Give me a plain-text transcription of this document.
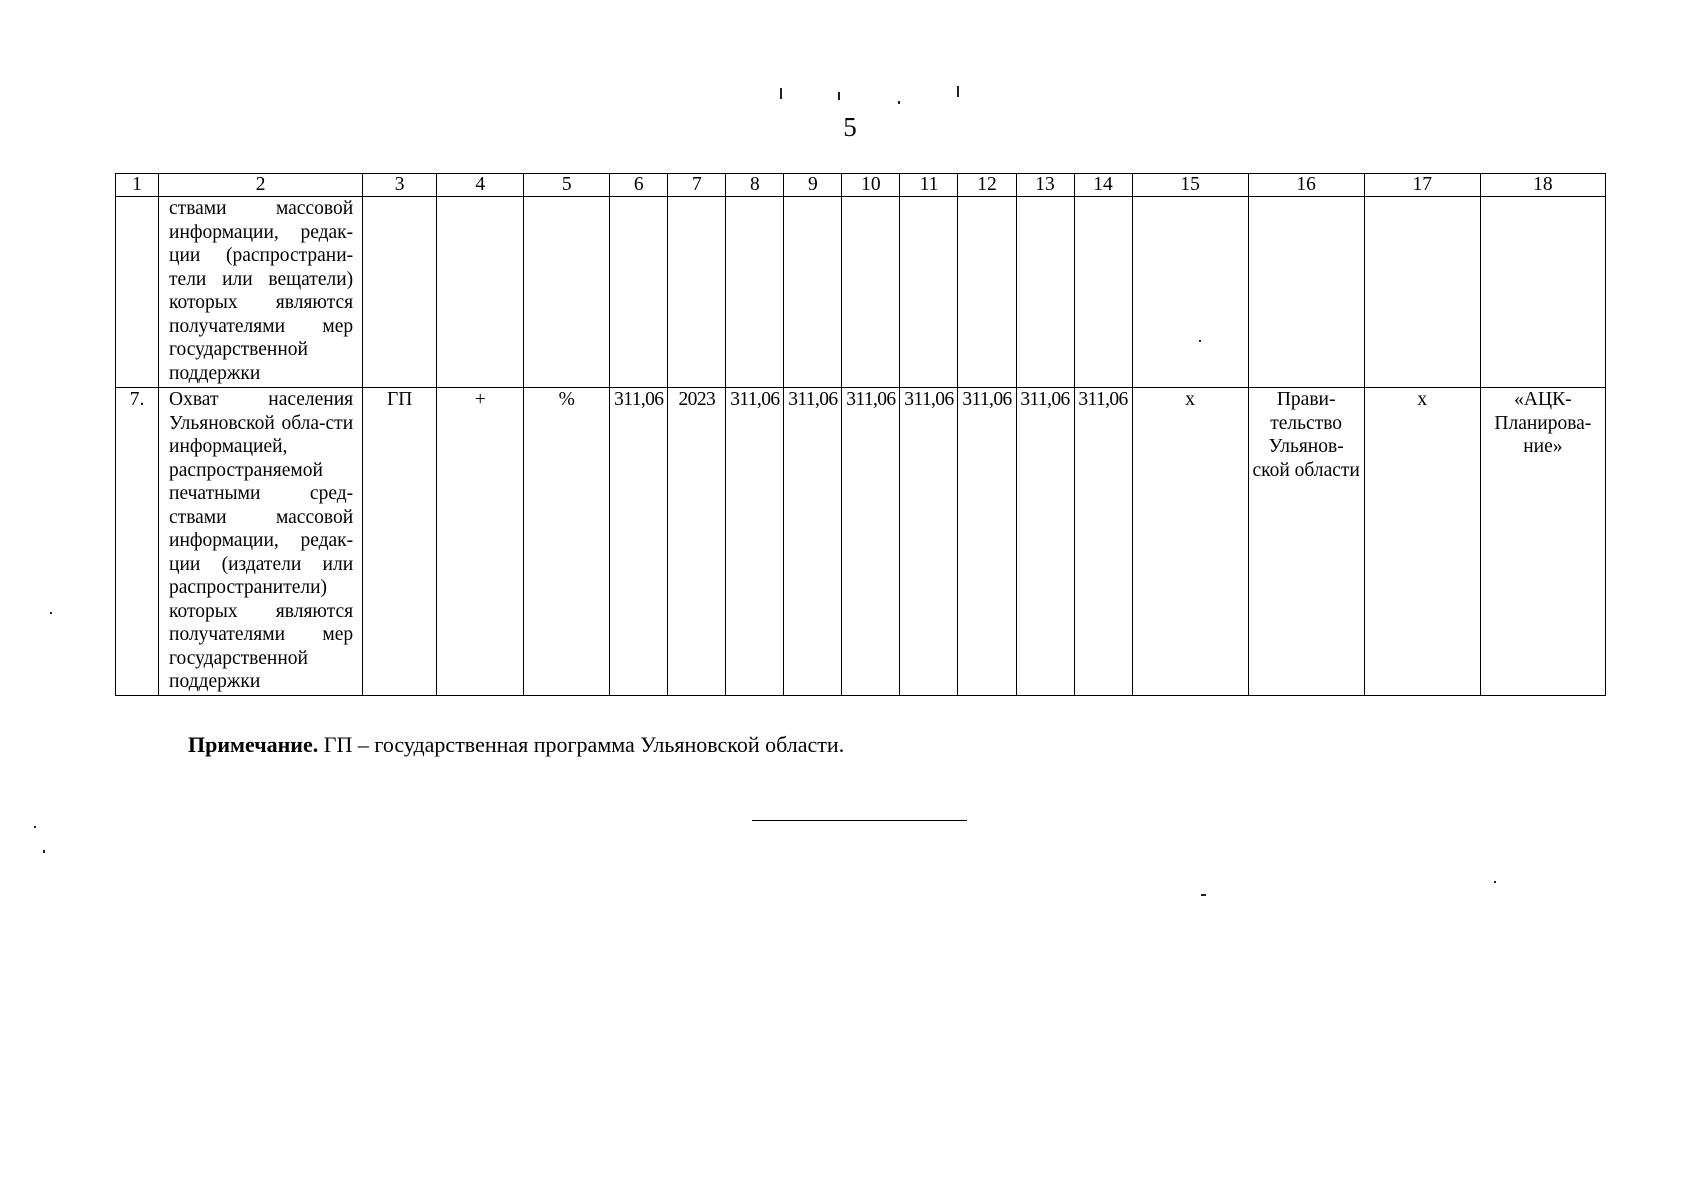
5
1	2	3	4	5	6	7	8	9	10	11	12	13	14	15	16	17	18
	ствами массовой информации, редак-ции (распространи-тели или вещатели) которых являются получателями мер государственной поддержки																
7.	Охват населения Ульяновской обла-сти информацией, распространяемой печатными сред-ствами массовой информации, редак-ции (издатели или распространители) которых являются получателями мер государственной поддержки	ГП	+	%	311,06	2023	311,06	311,06	311,06	311,06	311,06	311,06	311,06	x	Прави-тельство Ульянов-ской области	x	«АЦК-Планирова-ние»
Примечание. ГП – государственная программа Ульяновской области.
